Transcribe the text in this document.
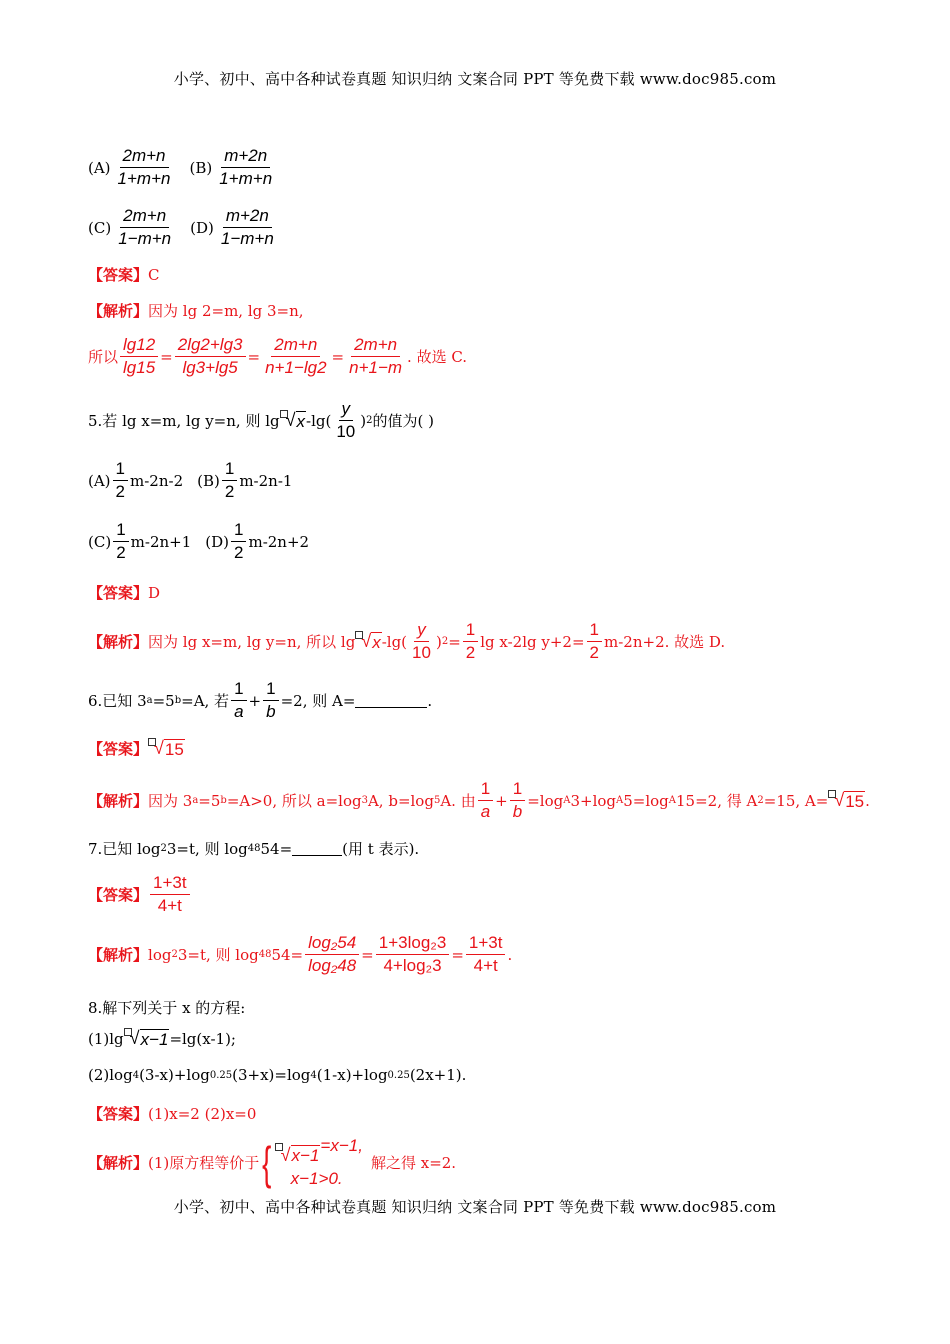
小学、初中、高中各种试卷真题 知识归纳 文案合同 PPT 等免费下载 www.doc985.com
$(A) \frac{2m+n}{1+m+n} (B) \frac{m+2n}{1+m+n}$
$(C) \frac{2m+n}{1-m+n} (D) \frac{m+2n}{1-m+n}$
【答案】 C
【解析】 因为 lg 2=m, lg 3=n,
所以 $\frac{\lg 12}{\lg 15} = \frac{2\lg 2+\lg 3}{\lg 3+\lg 5} = \frac{2m+n}{n+1-\lg 2} = \frac{2m+n}{n+1-m}$ . 故选 C.
5.若 lg x=m, lg y=n, 则 lg √ x $-\lg( \frac{y}{10}$ ) 2 的值为( )
$(A) \frac{1}{2} m-2n-2$ $(B) \frac{1}{2} m-2n-1$
$(C) \frac{1}{2} m-2n+1$ $(D) \frac{1}{2} m-2n+2$
【答案】 D
【解析】 因为 lg x=m, lg y=n, 所以 lg √ x $-\lg( \frac{y}{10}$ ) $2 = \frac{1}{2}$ lg x-2lg $y+2= \frac{1}{2} m-2n+2$. 故选 D.
6.已知 3 a =5 b =A, 若 $\frac{1}{a} + \frac{1}{b} =2$, 则 A=	.
【答案】 √ 15
【解析】 因为 3 a =5 b =A>0, 所以 a=log 3 A, b=log 5 A. 由 $\frac{1}{a} + \frac{1}{b} =\log$ A 3+log A 5=log A 15=2, 得 A 2 =15, A= √ 15 .
7.已知 log 2 3=t, 则 log 48 54=	(用 t 表示).
【答案】 $\frac{1+3t}{4+t}$
【解析】 log 2 3=t, 则 log 48 $54= \frac{\text{log₂54}}{\text{log₂48}} = \frac{\text{1+3log₂3}}{\text{4+log₂3}} = \frac{1+3t}{4+t}$ .
8.解下列关于 x 的方程:
(1)lg √ x−1 =lg(x-1);
(2)log 4 (3-x)+log 0.25 (3+x)=log 4 (1-x)+log 0.25 (2x+1).
【答案】 (1)x=2 (2)x=0
【解析】 (1)原方程等价于 { √ x−1
=x−1,
x−1>0.
解之得 x=2.
小学、初中、高中各种试卷真题 知识归纳 文案合同 PPT 等免费下载 www.doc985.com
